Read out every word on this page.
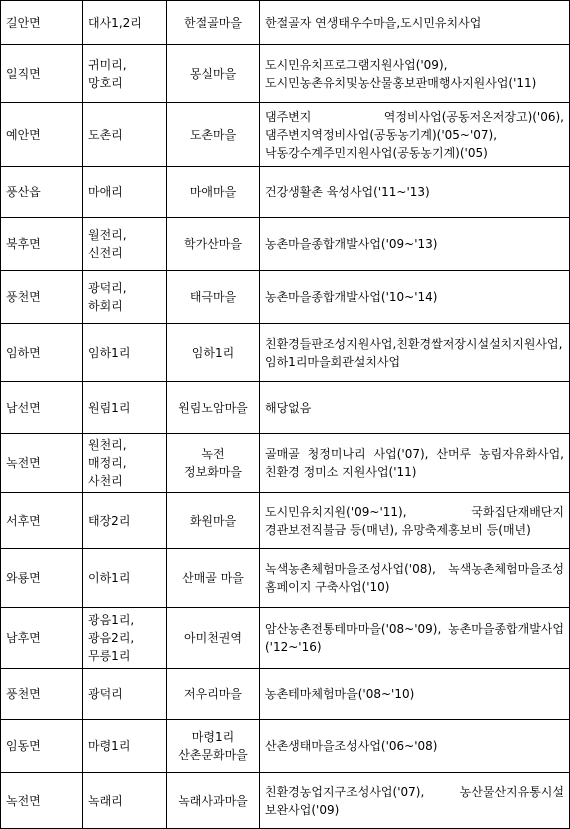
길안면	대사1,2리	한절골마을	한절골자 연생태우수마을,도시민유치사업
일직면	귀미리, 망호리	몽실마을	도시민유치프로그램지원사업('09), 도시민농촌유치및농산물홍보판매행사지원사업('11)
예안면	도촌리	도촌마을	댐주변지 역정비사업(공동저온저장고)('06), 댐주변지역정비사업(공동농기계)('05~'07), 낙동강수계주민지원사업(공동농기계)('05)
풍산읍	마애리	마애마을	건강생활촌 육성사업('11~'13)
북후면	월전리, 신전리	학가산마을	농촌마을종합개발사업('09~'13)
풍천면	광덕리, 하회리	태극마을	농촌마을종합개발사업('10~'14)
임하면	임하1리	임하1리	친환경들판조성지원사업,친환경쌀저장시설설치지원사업,임하1리마을회관설치사업
남선면	원림1리	원림노암마을	해당없음
녹전면	원천리, 매정리, 사천리	녹전 정보화마을	골매골 청정미나리 사업('07), 산머루 농림자유화사업, 친환경 정미소 지원사업('11)
서후면	태장2리	화원마을	도시민유치지원('09~'11), 국화집단재배단지 경관보전직불금 등(매년), 유망축제홍보비 등(매년)
와룡면	이하1리	산매골 마을	녹색농촌체험마을조성사업('08), 녹색농촌체험마을조성 홈페이지 구축사업('10)
남후면	광음1리, 광음2리, 무릉1리	아미천권역	암산농촌전통테마마을('08~'09), 농촌마을종합개발사업('12~'16)
풍천면	광덕리	저우리마을	농촌테마체험마을('08~'10)
임동면	마령1리	마령1리 산촌문화마을	산촌생태마을조성사업('06~'08)
녹전면	녹래리	녹래사과마을	친환경농업지구조성사업('07), 농산물산지유통시설 보완사업('09)
